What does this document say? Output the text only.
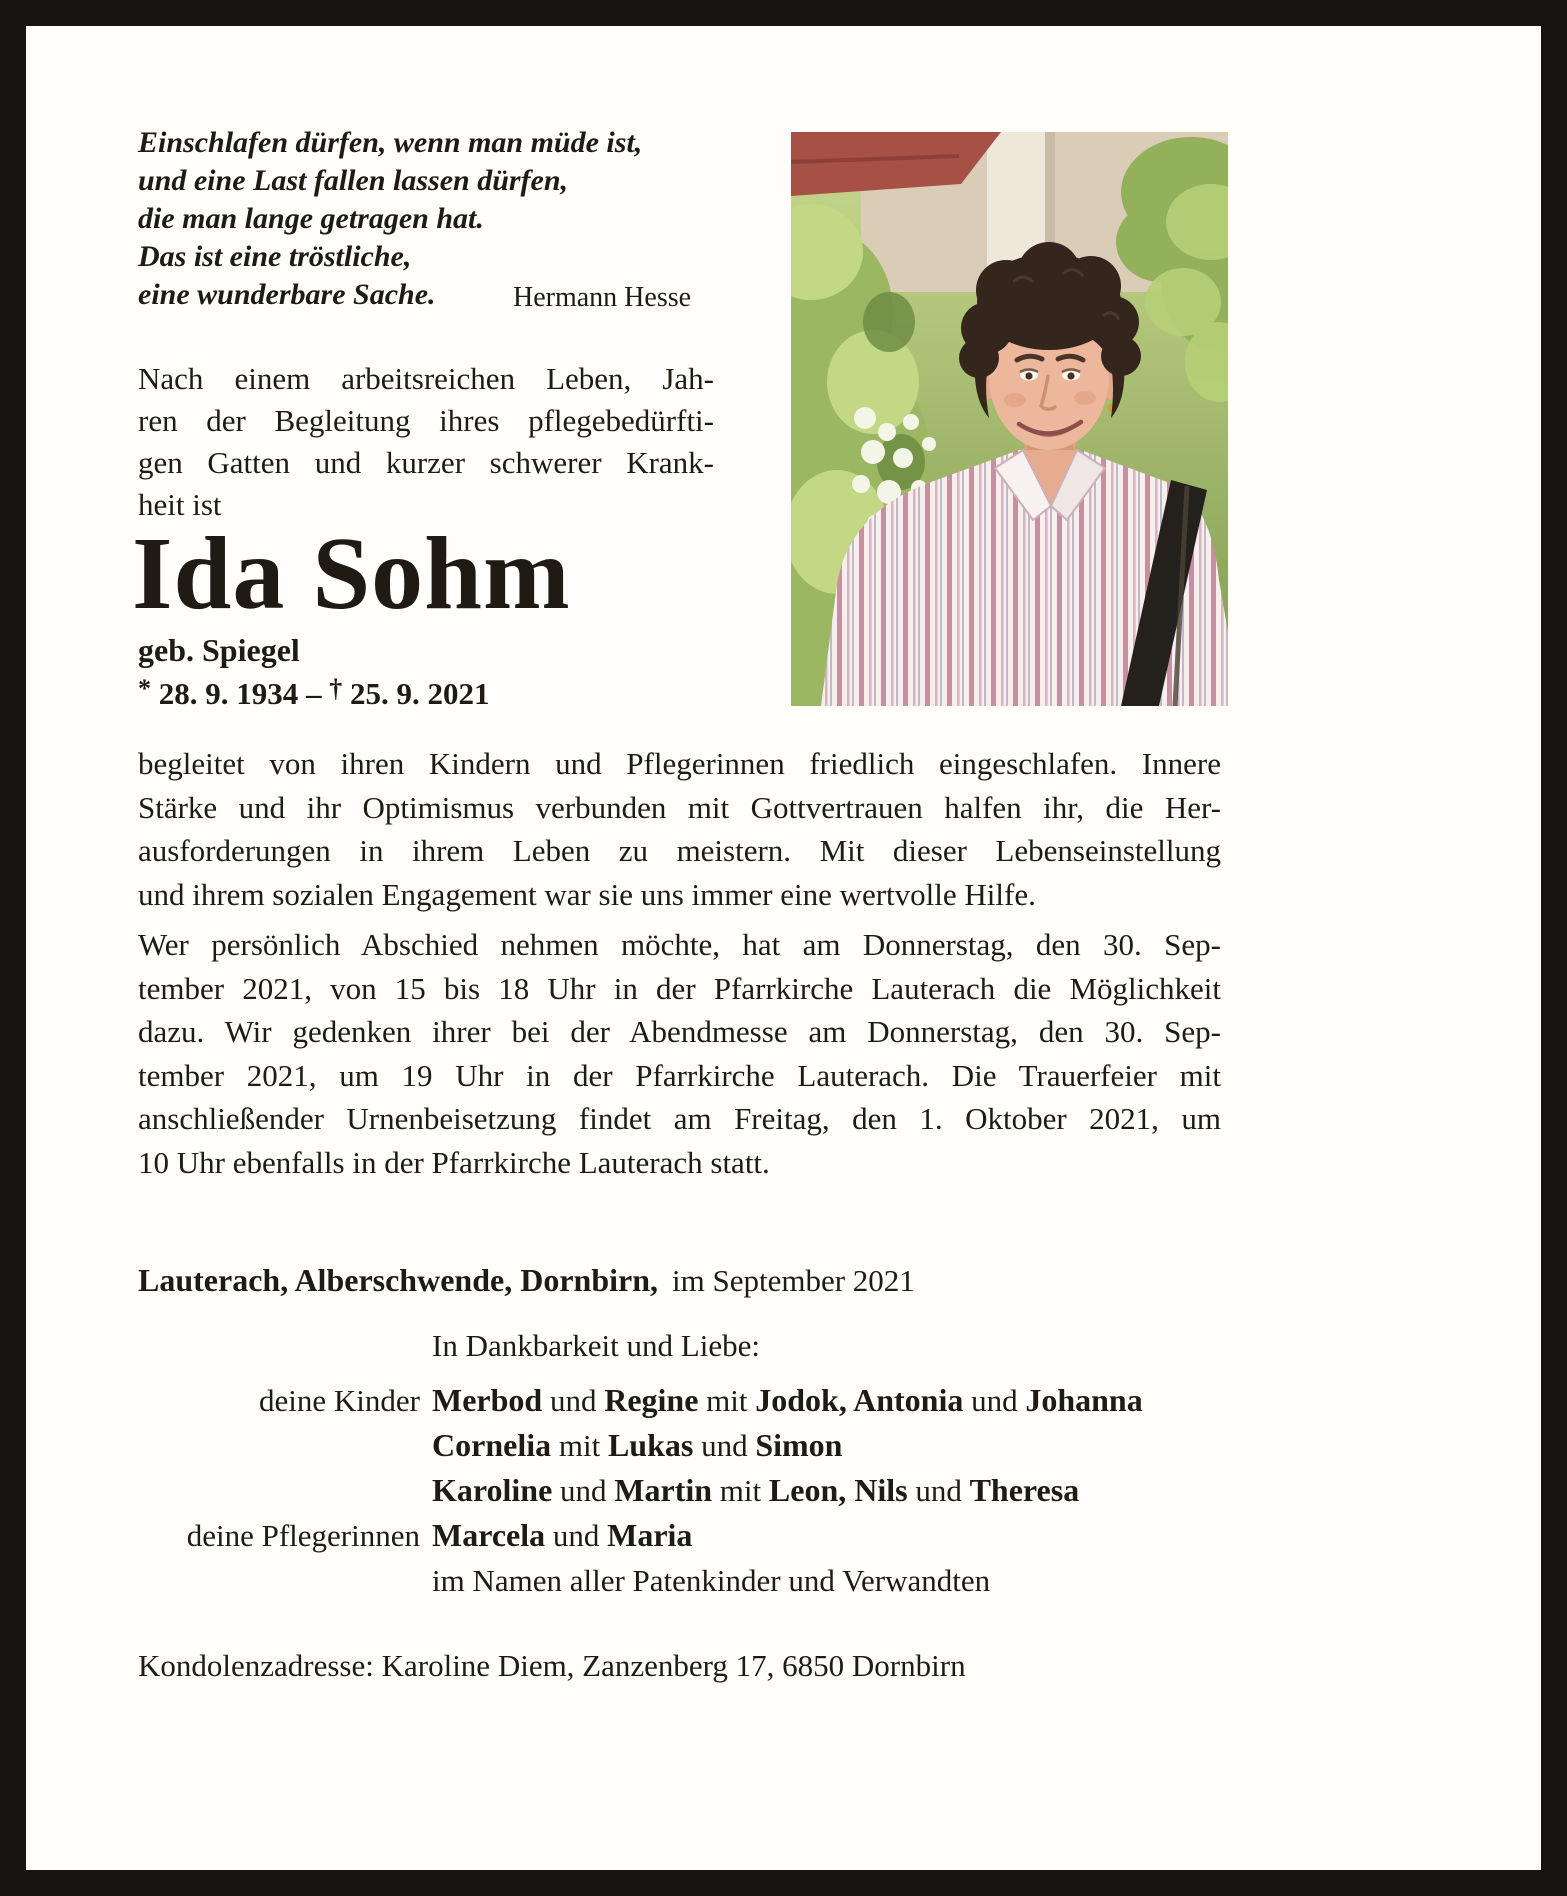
Einschlafen dürfen, wenn man müde ist,
und eine Last fallen lassen dürfen,
die man lange getragen hat.
Das ist eine tröstliche,
eine wunderbare Sache.	Hermann Hesse
Nach einem arbeitsreichen Leben, Jah-
ren der Begleitung ihres pflegebedürfti-
gen Gatten und kurzer schwerer Krank-
heit ist
Ida Sohm
geb. Spiegel
* 28. 9. 1934 – † 25. 9. 2021
begleitet von ihren Kindern und Pflegerinnen friedlich eingeschlafen. Innere
Stärke und ihr Optimismus verbunden mit Gottvertrauen halfen ihr, die Her-
ausforderungen in ihrem Leben zu meistern. Mit dieser Lebenseinstellung
und ihrem sozialen Engagement war sie uns immer eine wertvolle Hilfe.
Wer persönlich Abschied nehmen möchte, hat am Donnerstag, den 30. Sep-
tember 2021, von 15 bis 18 Uhr in der Pfarrkirche Lauterach die Möglichkeit
dazu. Wir gedenken ihrer bei der Abendmesse am Donnerstag, den 30. Sep-
tember 2021, um 19 Uhr in der Pfarrkirche Lauterach. Die Trauerfeier mit
anschließender Urnenbeisetzung findet am Freitag, den 1. Oktober 2021, um
10 Uhr ebenfalls in der Pfarrkirche Lauterach statt.
Lauterach, Alberschwende, Dornbirn, im September 2021
In Dankbarkeit und Liebe:
deine Kinder Merbod und Regine mit Jodok, Antonia und Johanna
Cornelia mit Lukas und Simon
Karoline und Martin mit Leon, Nils und Theresa
deine Pflegerinnen Marcela und Maria
im Namen aller Patenkinder und Verwandten
Kondolenzadresse: Karoline Diem, Zanzenberg 17, 6850 Dornbirn
